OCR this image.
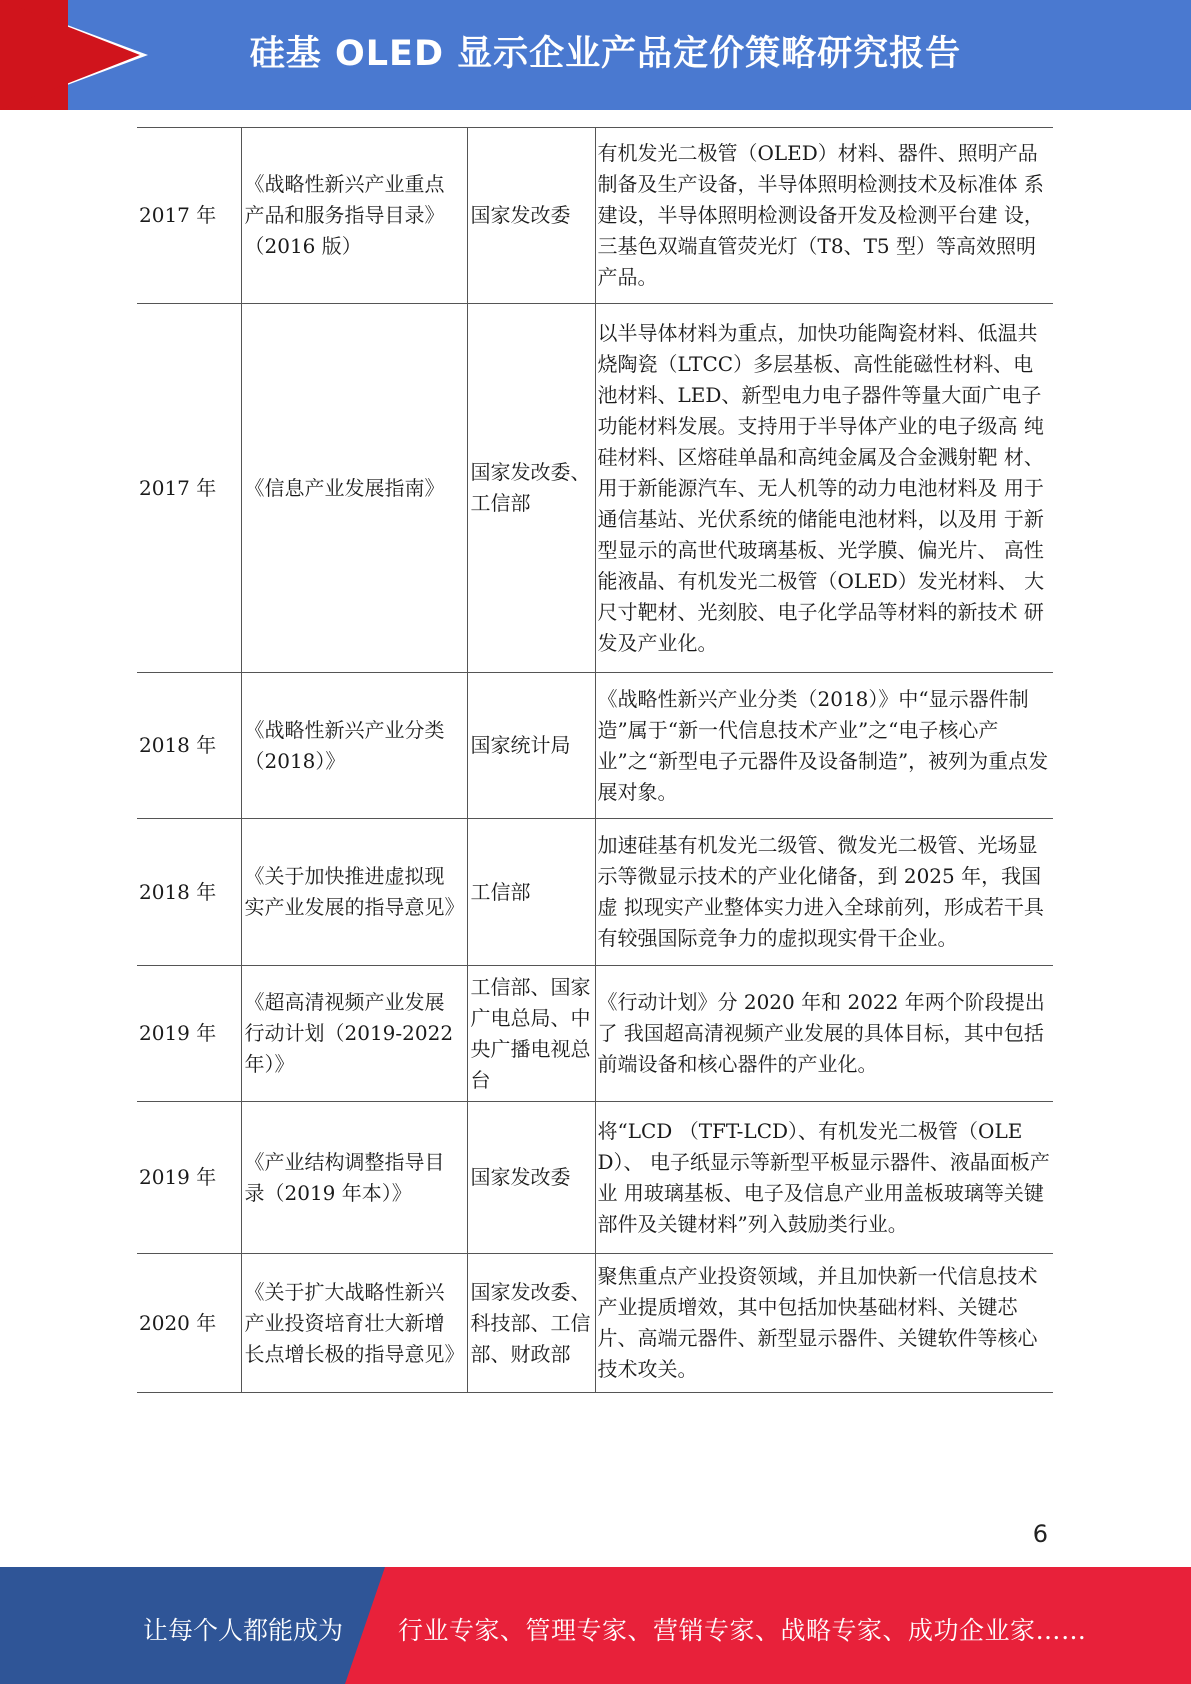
硅基 OLED 显示企业产品定价策略研究报告
2017 年	《战略性新兴产业重点产品和服务指导目录》（2016 版）	国家发改委	有机发光二极管（OLED）材料、器件、照明产品 制备及生产设备，半导体照明检测技术及标准体 系建设，半导体照明检测设备开发及检测平台建 设，三基色双端直管荧光灯（T8、T5 型）等高效照明 产品。
2017 年	《信息产业发展指南》	国家发改委、工信部	以半导体材料为重点，加快功能陶瓷材料、低温共 烧陶瓷（LTCC）多层基板、高性能磁性材料、电 池材料、LED、新型电力电子器件等量大面广电子 功能材料发展。支持用于半导体产业的电子级高 纯硅材料、区熔硅单晶和高纯金属及合金溅射靶 材、用于新能源汽车、无人机等的动力电池材料及 用于通信基站、光伏系统的储能电池材料，以及用 于新型显示的高世代玻璃基板、光学膜、偏光片、 高性能液晶、有机发光二极管（OLED）发光材料、 大尺寸靶材、光刻胶、电子化学品等材料的新技术 研发及产业化。
2018 年	《战略性新兴产业分类（2018）》	国家统计局	《战略性新兴产业分类（2018）》中“显示器件制造”属于“新一代信息技术产业”之“电子核心产业”之“新型电子元器件及设备制造”，被列为重点发展对象。
2018 年	《关于加快推进虚拟现实产业发展的指导意见》	工信部	加速硅基有机发光二级管、微发光二极管、光场显 示等微显示技术的产业化储备，到 2025 年，我国虚 拟现实产业整体实力进入全球前列，形成若干具 有较强国际竞争力的虚拟现实骨干企业。
2019 年	《超高清视频产业发展行动计划（2019-2022 年）》	工信部、国家广电总局、中央广播电视总台	《行动计划》分 2020 年和 2022 年两个阶段提出了 我国超高清视频产业发展的具体目标，其中包括 前端设备和核心器件的产业化。
2019 年	《产业结构调整指导目录（2019 年本）》	国家发改委	将“LCD （TFT-LCD）、有机发光二极管（OLED）、 电子纸显示等新型平板显示器件、液晶面板产业 用玻璃基板、电子及信息产业用盖板玻璃等关键 部件及关键材料”列入鼓励类行业。
2020 年	《关于扩大战略性新兴产业投资培育壮大新增长点增长极的指导意见》	国家发改委、科技部、工信部、财政部	聚焦重点产业投资领域，并且加快新一代信息技术产业提质增效，其中包括加快基础材料、关键芯 片、高端元器件、新型显示器件、关键软件等核心 技术攻关。
6
让每个人都能成为 行业专家、管理专家、营销专家、战略专家、成功企业家……
